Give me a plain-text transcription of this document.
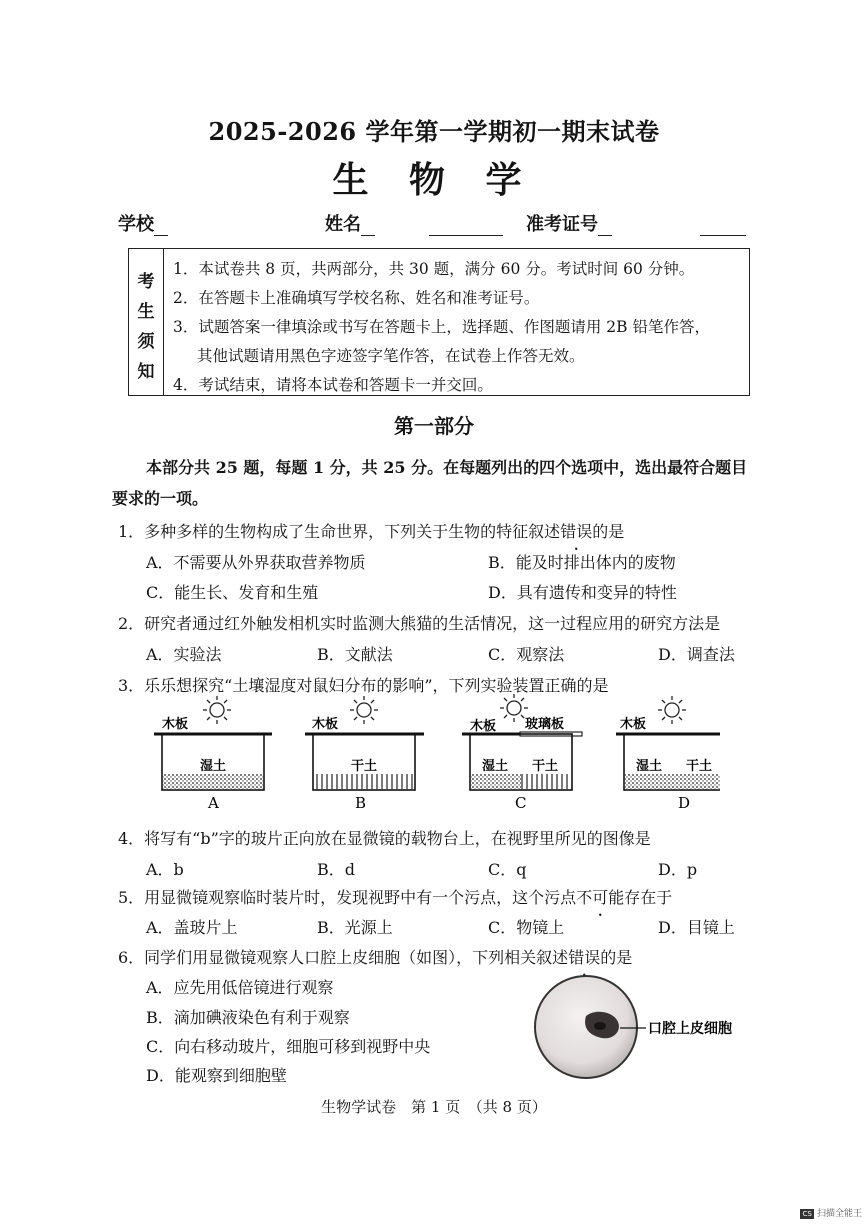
2025-2026 学年第一学期初一期末试卷
生 物 学
学校	姓名	准考证号
考
生
须
知
1．本试卷共 8 页，共两部分，共 30 题，满分 60 分。考试时间 60 分钟。
2．在答题卡上准确填写学校名称、姓名和准考证号。
3．试题答案一律填涂或书写在答题卡上，选择题、作图题请用 2B 铅笔作答，
其他试题请用黑色字迹签字笔作答，在试卷上作答无效。
4．考试结束，请将本试卷和答题卡一并交回。
第一部分
本部分共 25 题，每题 1 分，共 25 分。在每题列出的四个选项中，选出最符合题目
要求的一项。
1．多种多样的生物构成了生命世界，下列关于生物的特征叙述错误的是
A．不需要从外界获取营养物质	B．能及时排出体内的废物
C．能生长、发育和生殖	D．具有遗传和变异的特性
2．研究者通过红外触发相机实时监测大熊猫的生活情况，这一过程应用的研究方法是
A．实验法	B．文献法	C．观察法	D．调查法
3．乐乐想探究“土壤湿度对鼠妇分布的影响”，下列实验装置正确的是
木板
湿土
A
木板
干土
B
木板 玻璃板
湿土 干土
C
木板
湿土 干土
D
4．将写有“b”字的玻片正向放在显微镜的载物台上，在视野里所见的图像是
A．b	B．d	C．q	D．p
5．用显微镜观察临时装片时，发现视野中有一个污点，这个污点不可能存在于
A．盖玻片上	B．光源上	C．物镜上	D．目镜上
6．同学们用显微镜观察人口腔上皮细胞（如图），下列相关叙述错误的是
A．应先用低倍镜进行观察
B．滴加碘液染色有利于观察
C．向右移动玻片，细胞可移到视野中央
D．能观察到细胞壁
口腔上皮细胞
生物学试卷　第 1 页　（共 8 页）
CS 扫描全能王
